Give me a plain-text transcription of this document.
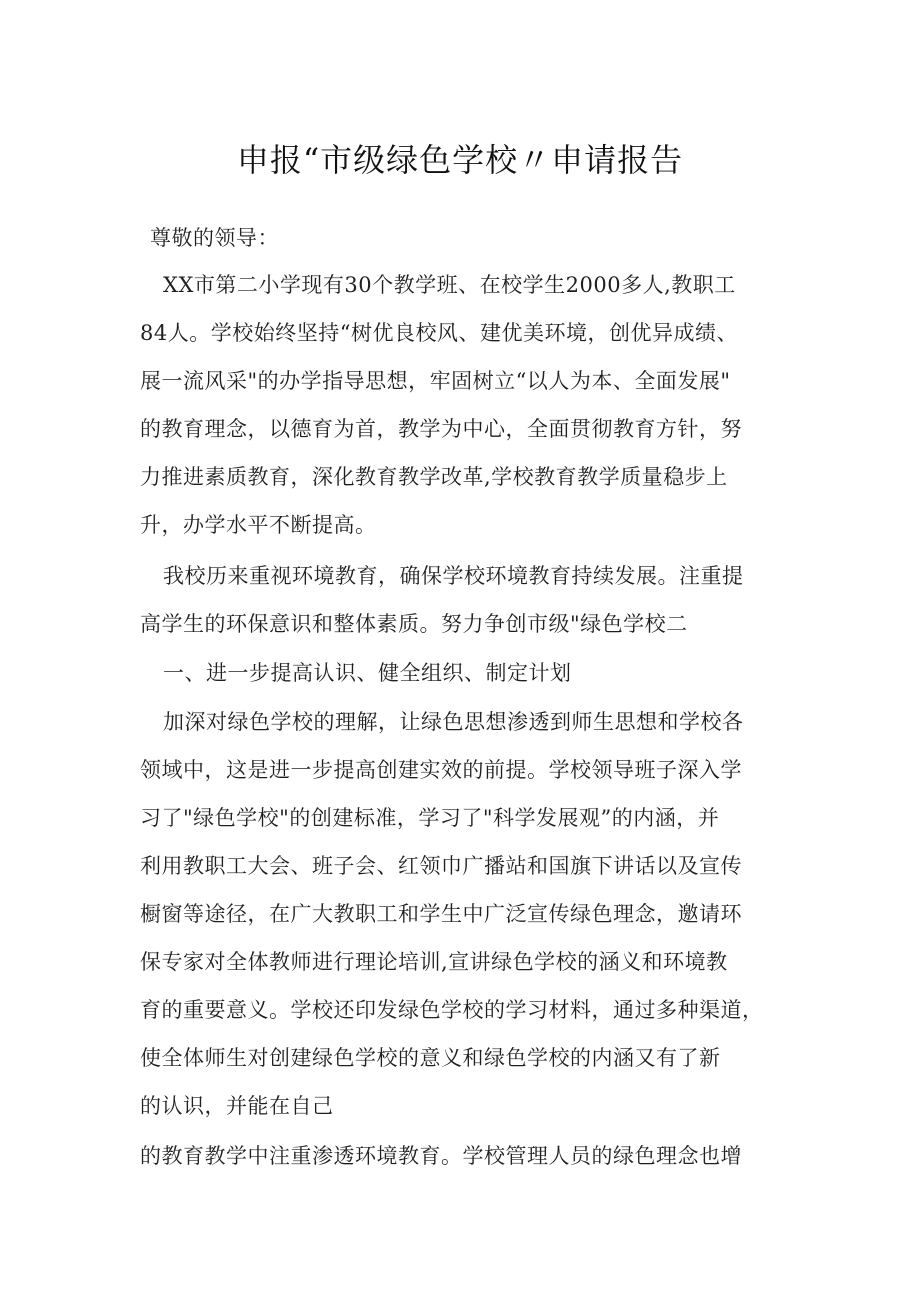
申报“市级绿色学校〃申请报告
尊敬的领导：
XX市第二小学现有30个教学班、在校学生2000多人,教职工
84人。学校始终坚持“树优良校风、建优美环境，创优异成绩、
展一流风采"的办学指导思想，牢固树立“以人为本、全面发展"
的教育理念，以德育为首，教学为中心，全面贯彻教育方针，努
力推进素质教育，深化教育教学改革,学校教育教学质量稳步上
升，办学水平不断提高。
我校历来重视环境教育，确保学校环境教育持续发展。注重提
高学生的环保意识和整体素质。努力争创市级"绿色学校二
一、进一步提高认识、健全组织、制定计划
加深对绿色学校的理解，让绿色思想渗透到师生思想和学校各
领域中，这是进一步提高创建实效的前提。学校领导班子深入学
习了"绿色学校"的创建标准，学习了"科学发展观”的内涵，并
利用教职工大会、班子会、红领巾广播站和国旗下讲话以及宣传
橱窗等途径，在广大教职工和学生中广泛宣传绿色理念，邀请环
保专家对全体教师进行理论培训,宣讲绿色学校的涵义和环境教
育的重要意义。学校还印发绿色学校的学习材料，通过多种渠道，
使全体师生对创建绿色学校的意义和绿色学校的内涵又有了新
的认识，并能在自己
的教育教学中注重渗透环境教育。学校管理人员的绿色理念也增
